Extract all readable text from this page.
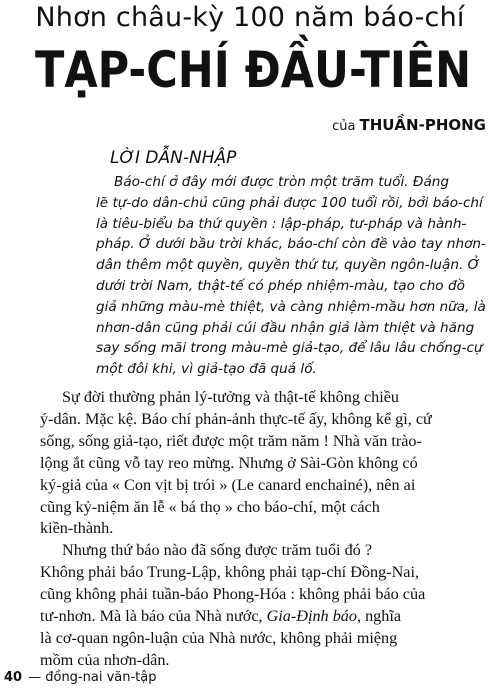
Nhơn châu-kỳ 100 năm báo-chí
TẠP-CHÍ ĐẦU-TIÊN
của THUẦN-PHONG
LỜI DẪN-NHẬP
Báo-chí ở đây mới được tròn một trăm tuổi. Đáng
lẽ tự-do dân-chủ cũng phải được 100 tuổi rồi, bởi báo-chí
là tiêu-biểu ba thứ quyền : lập-pháp, tư-pháp và hành-
pháp. Ở dưới bầu trời khác, báo-chí còn đề vào tay nhơn-
dân thêm một quyền, quyền thứ tư, quyền ngôn-luận. Ở
dưới trời Nam, thật-tế có phép nhiệm-màu, tạo cho đồ
giả những màu-mè thiệt, và càng nhiệm-mầu hơn nữa, là
nhơn-dân cũng phải cúi đầu nhận giả làm thiệt và hăng
say sống mãi trong màu-mè giả-tạo, để lâu lâu chống-cự
một đôi khi, vì giả-tạo đã quá lố.
Sự đời thường phản lý-tưởng và thật-tế không chiều
ý-dân. Mặc kệ. Báo chí phản-ảnh thực-tế ấy, không kể gì, cứ
sống, sống giả-tạo, riết được một trăm năm ! Nhà văn trào-
lộng ắt cũng vỗ tay reo mừng. Nhưng ở Sài-Gòn không có
ký-giả của « Con vịt bị trói » (Le canard enchainé), nên ai
cũng kỷ-niệm ăn lễ « bá thọ » cho báo-chí, một cách
kiền-thành.
Nhưng thứ báo nào đã sống được trăm tuổi đó ?
Không phải báo Trung-Lập, không phải tạp-chí Đồng-Nai,
cũng không phải tuần-báo Phong-Hóa : không phải báo của
tư-nhơn. Mà là báo của Nhà nước, Gia-Định báo, nghĩa
là cơ-quan ngôn-luận của Nhà nước, không phải miệng
mồm của nhơn-dân.
40 — đồng-nai văn-tập
